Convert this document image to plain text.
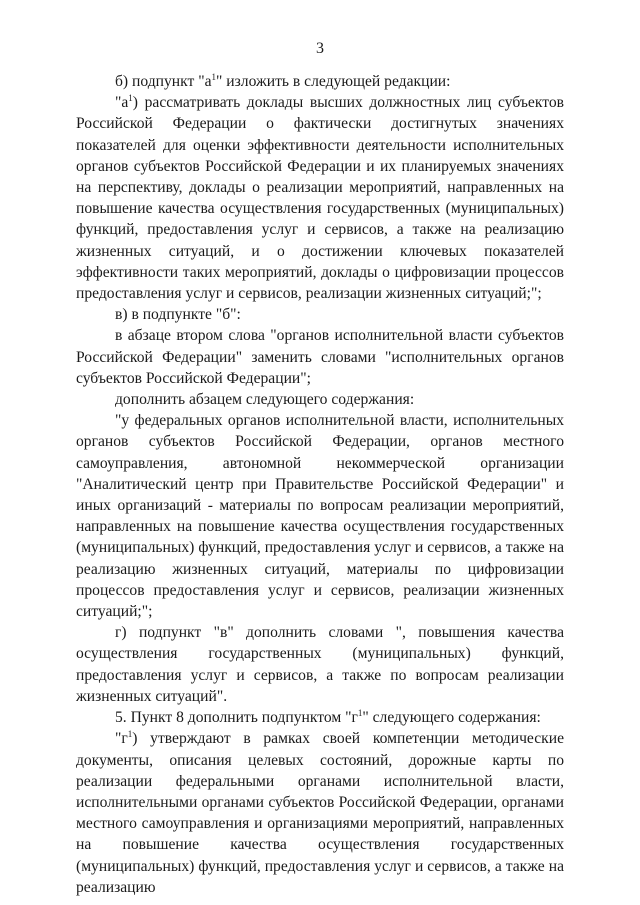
3

б) подпункт "$а^1$" изложить в следующей редакции:

"$а^1$) рассматривать доклады высших должностных лиц субъектов Российской Федерации о фактически достигнутых значениях показателей для оценки эффективности деятельности исполнительных органов субъектов Российской Федерации и их планируемых значениях на перспективу, доклады о реализации мероприятий, направленных на повышение качества осуществления государственных (муниципальных) функций, предоставления услуг и сервисов, а также на реализацию жизненных ситуаций, и о достижении ключевых показателей эффективности таких мероприятий, доклады о цифровизации процессов предоставления услуг и сервисов, реализации жизненных ситуаций;";

в) в подпункте "б":

в абзаце втором слова "органов исполнительной власти субъектов Российской Федерации" заменить словами "исполнительных органов субъектов Российской Федерации";

дополнить абзацем следующего содержания:

"у федеральных органов исполнительной власти, исполнительных органов субъектов Российской Федерации, органов местного самоуправления, автономной некоммерческой организации "Аналитический центр при Правительстве Российской Федерации" и иных организаций - материалы по вопросам реализации мероприятий, направленных на повышение качества осуществления государственных (муниципальных) функций, предоставления услуг и сервисов, а также на реализацию жизненных ситуаций, материалы по цифровизации процессов предоставления услуг и сервисов, реализации жизненных ситуаций;";

г) подпункт "в" дополнить словами ", повышения качества осуществления государственных (муниципальных) функций, предоставления услуг и сервисов, а также по вопросам реализации жизненных ситуаций".

5. Пункт 8 дополнить подпунктом "$г^1$" следующего содержания:

"$г^1$) утверждают в рамках своей компетенции методические документы, описания целевых состояний, дорожные карты по реализации федеральными органами исполнительной власти, исполнительными органами субъектов Российской Федерации, органами местного самоуправления и организациями мероприятий, направленных на повышение качества осуществления государственных (муниципальных) функций, предоставления услуг и сервисов, а также на реализацию
